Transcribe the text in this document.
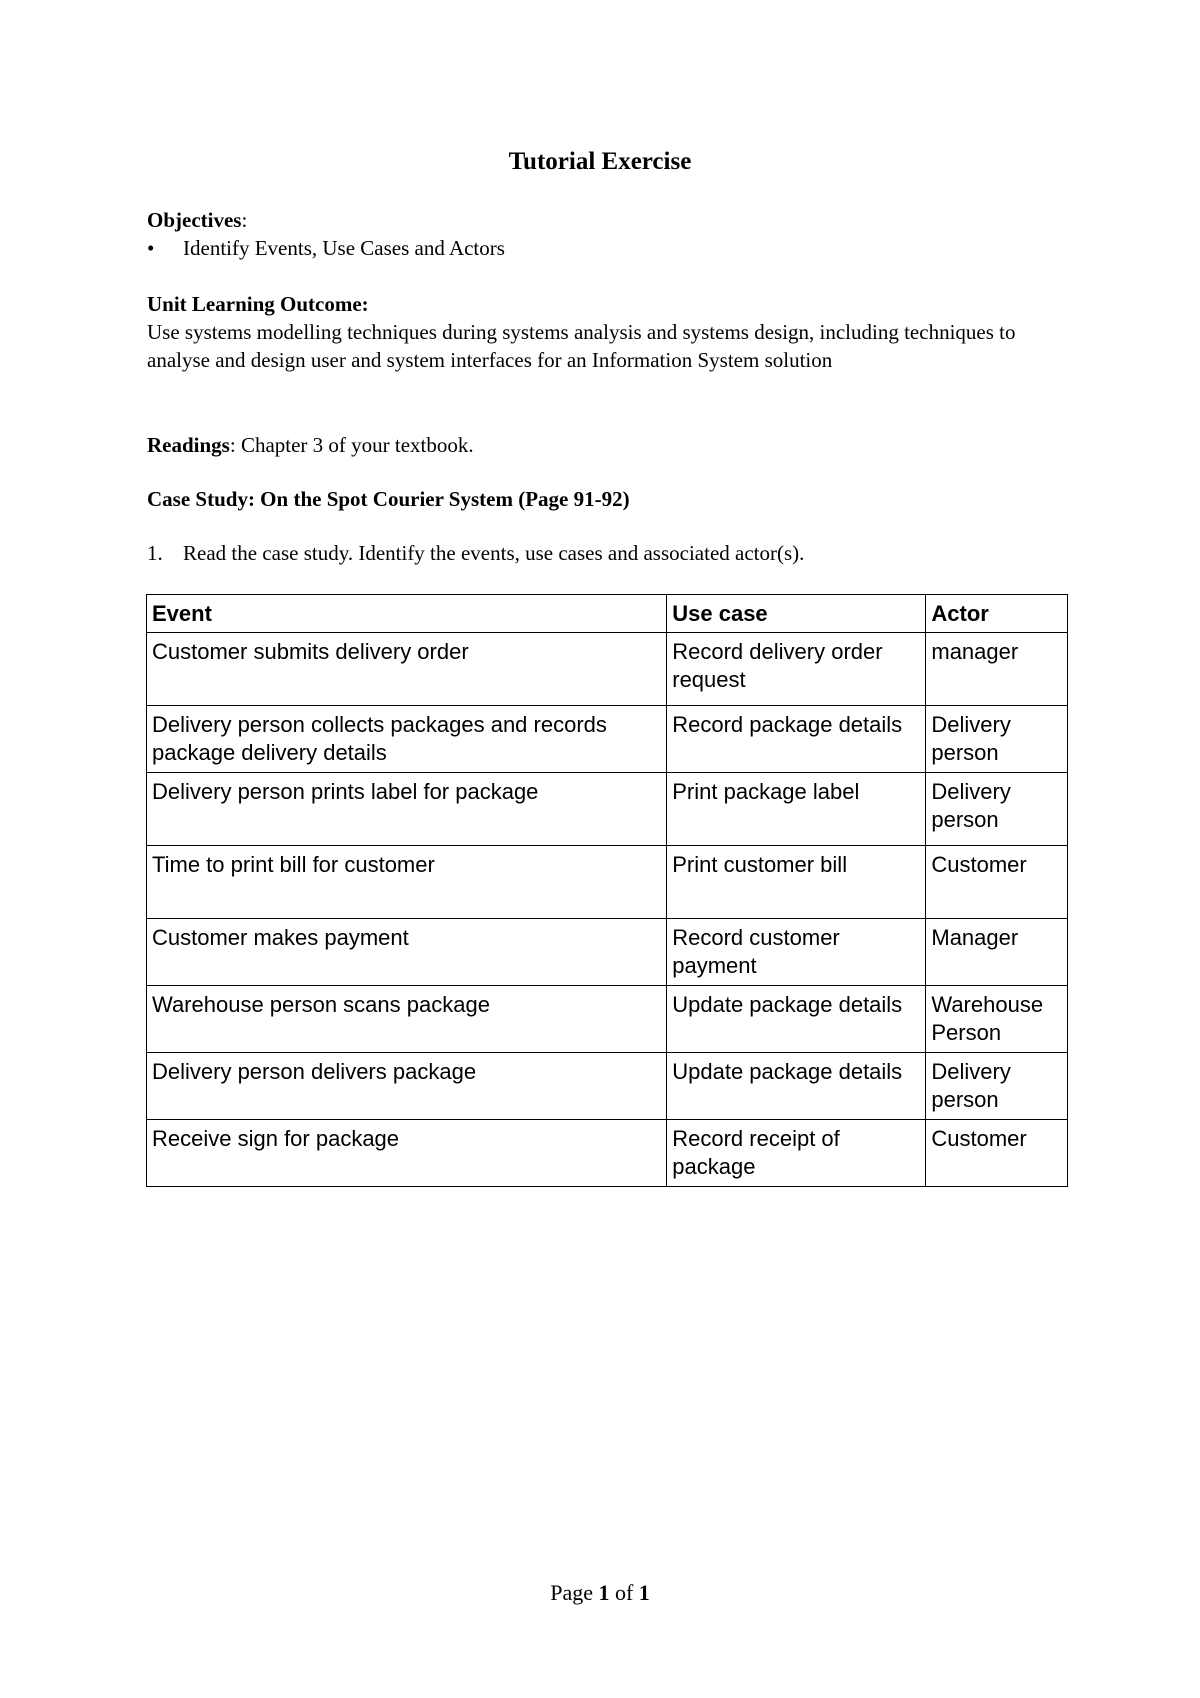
Tutorial Exercise
Objectives:
•	Identify Events, Use Cases and Actors
Unit Learning Outcome:
Use systems modelling techniques during systems analysis and systems design, including techniques to analyse and design user and system interfaces for an Information System solution
Readings: Chapter 3 of your textbook.
Case Study: On the Spot Courier System (Page 91-92)
1. Read the case study. Identify the events, use cases and associated actor(s).
Event	Use case	Actor
Customer submits delivery order	Record delivery order request	manager
Delivery person collects packages and records package delivery details	Record package details	Delivery person
Delivery person prints label for package	Print package label	Delivery person
Time to print bill for customer	Print customer bill	Customer
Customer makes payment	Record customer payment	Manager
Warehouse person scans package	Update package details	Warehouse Person
Delivery person delivers package	Update package details	Delivery person
Receive sign for package	Record receipt of package	Customer
Page 1 of 1
